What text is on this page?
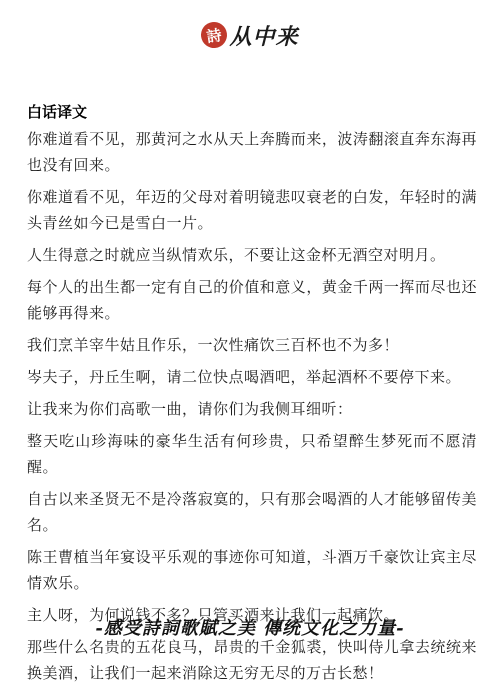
詩 从中来
白话译文

你难道看不见，那黄河之水从天上奔腾而来，波涛翻滚直奔东海再也没有回来。

你难道看不见，年迈的父母对着明镜悲叹衰老的白发，年轻时的满头青丝如今已是雪白一片。

人生得意之时就应当纵情欢乐，不要让这金杯无酒空对明月。

每个人的出生都一定有自己的价值和意义，黄金千两一挥而尽也还能够再得来。

我们烹羊宰牛姑且作乐，一次性痛饮三百杯也不为多！

岑夫子，丹丘生啊，请二位快点喝酒吧，举起酒杯不要停下来。

让我来为你们高歌一曲，请你们为我侧耳细听：

整天吃山珍海味的豪华生活有何珍贵，只希望醉生梦死而不愿清醒。

自古以来圣贤无不是冷落寂寞的，只有那会喝酒的人才能够留传美名。

陈王曹植当年宴设平乐观的事迹你可知道，斗酒万千豪饮让宾主尽情欢乐。

主人呀，为何说钱不多？只管买酒来让我们一起痛饮。

那些什么名贵的五花良马，昂贵的千金狐裘，快叫侍儿拿去统统来换美酒，让我们一起来消除这无穷无尽的万古长愁！

-感受詩詞歌賦之美 傳统文化之力量-
